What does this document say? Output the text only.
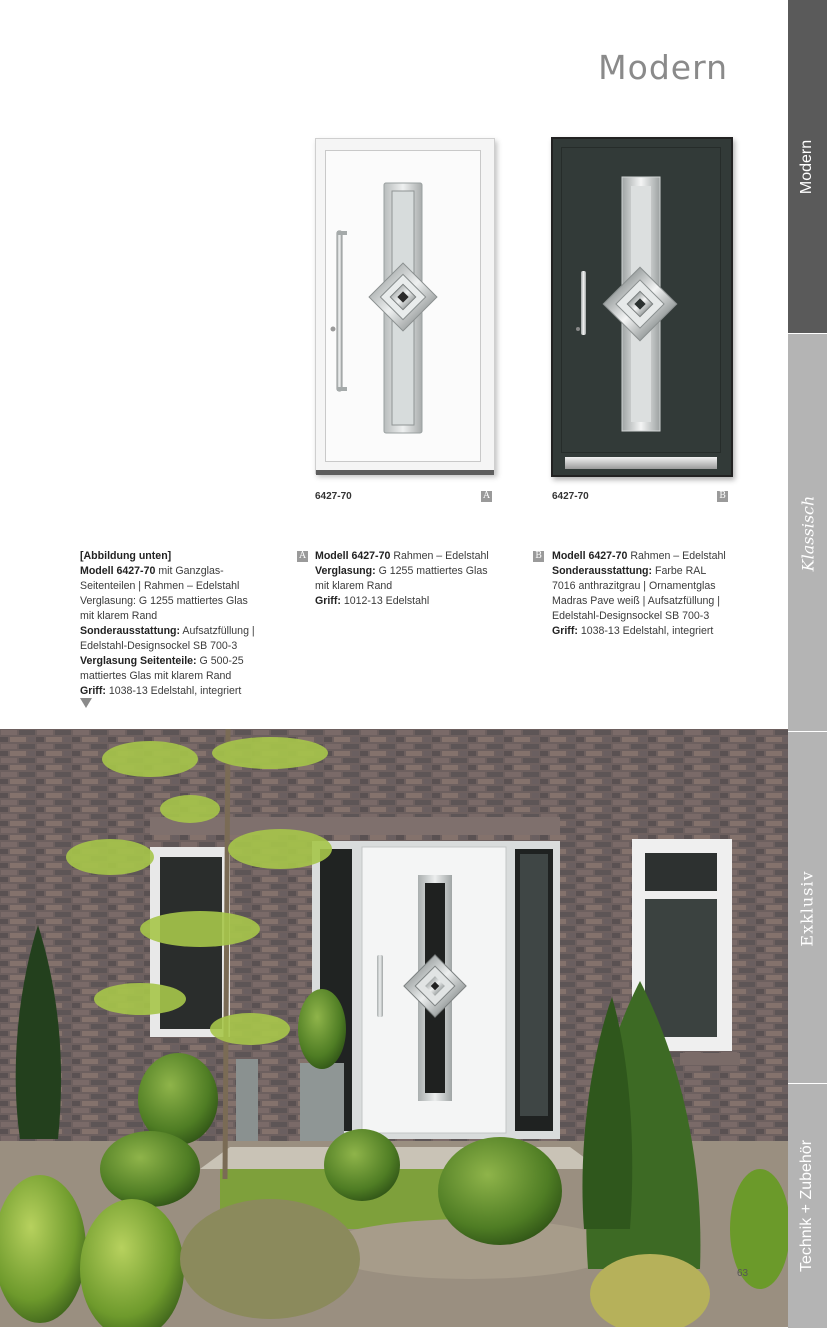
Modern
Modern
Klassisch
Exklusiv
Technik + Zubehör
6427-70	A	6427-70	B
[Abbildung unten]
Modell 6427-70 mit Ganzglas-
Seitenteilen | Rahmen – Edelstahl
Verglasung: G 1255 mattiertes Glas
mit klarem Rand
Sonderausstattung: Aufsatzfüllung |
Edelstahl-Designsockel SB 700-3
Verglasung Seitenteile: G 500-25
mattiertes Glas mit klarem Rand
Griff: 1038-13 Edelstahl, integriert
A Modell 6427-70 Rahmen – Edelstahl
Verglasung: G 1255 mattiertes Glas
mit klarem Rand
Griff: 1012-13 Edelstahl
B Modell 6427-70 Rahmen – Edelstahl
Sonderausstattung: Farbe RAL
7016 anthrazitgrau | Ornamentglas
Madras Pave weiß | Aufsatzfüllung |
Edelstahl-Designsockel SB 700-3
Griff: 1038-13 Edelstahl, integriert
63
